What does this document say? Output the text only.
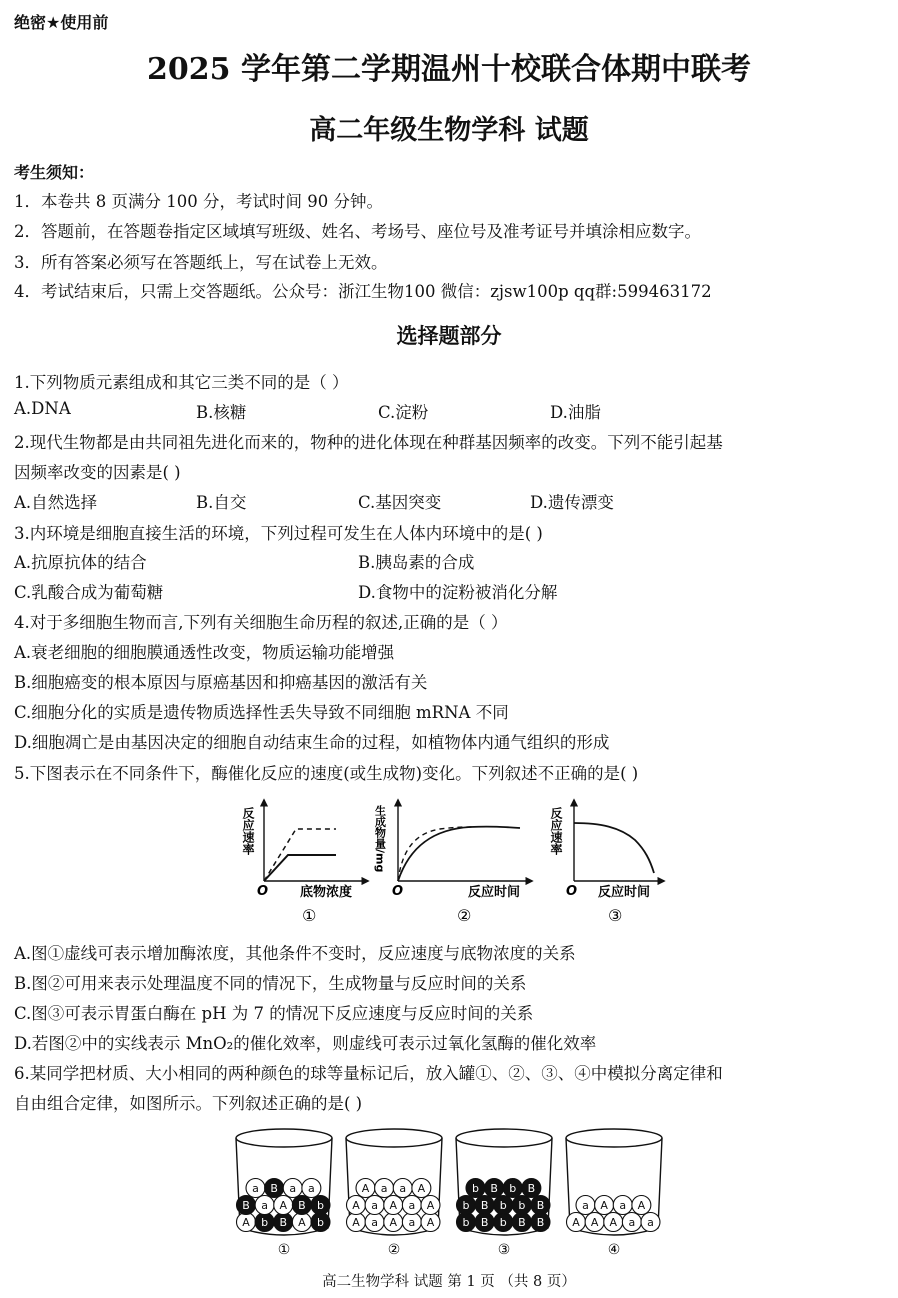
绝密★使用前
2025 学年第二学期温州十校联合体期中联考
高二年级生物学科 试题
考生须知：
1．本卷共 8 页满分 100 分，考试时间 90 分钟。
2．答题前，在答题卷指定区域填写班级、姓名、考场号、座位号及准考证号并填涂相应数字。
3．所有答案必须写在答题纸上，写在试卷上无效。
4．考试结束后，只需上交答题纸。公众号：浙江生物100 微信：zjsw100p qq群:599463172
选择题部分
1.下列物质元素组成和其它三类不同的是（ ）
A.DNA	B.核糖	C.淀粉	D.油脂
2.现代生物都是由共同祖先进化而来的，物种的进化体现在种群基因频率的改变。下列不能引起基
因频率改变的因素是( )
A.自然选择	B.自交	C.基因突变	D.遗传漂变
3.内环境是细胞直接生活的环境，下列过程可发生在人体内环境中的是( )
A.抗原抗体的结合	B.胰岛素的合成
C.乳酸合成为葡萄糖	D.食物中的淀粉被消化分解
4.对于多细胞生物而言,下列有关细胞生命历程的叙述,正确的是（ ）
A.衰老细胞的细胞膜通透性改变，物质运输功能增强
B.细胞癌变的根本原因与原癌基因和抑癌基因的激活有关
C.细胞分化的实质是遗传物质选择性丢失导致不同细胞 mRNA 不同
D.细胞凋亡是由基因决定的细胞自动结束生命的过程，如植物体内通气组织的形成
5.下图表示在不同条件下，酶催化反应的速度(或生成物)变化。下列叙述不正确的是( )
反应速率
O 底物浓度
①
生成物量/mg
O	反应时间
②
反应速率
O 反应时间
③
A.图①虚线可表示增加酶浓度，其他条件不变时，反应速度与底物浓度的关系
B.图②可用来表示处理温度不同的情况下，生成物量与反应时间的关系
C.图③可表示胃蛋白酶在 pH 为 7 的情况下反应速度与反应时间的关系
D.若图②中的实线表示 MnO₂的催化效率，则虚线可表示过氧化氢酶的催化效率
6.某同学把材质、大小相同的两种颜色的球等量标记后，放入罐①、②、③、④中模拟分离定律和
自由组合定律，如图所示。下列叙述正确的是( )
A b B A b
B a A B b
a B a a
①
A a A a A
A a A a A
A a a A
②
b B b B B
b B b b B
b B b B
③
A A A a a
a A a A
④
高二生物学科 试题 第 1 页 （共 8 页）
